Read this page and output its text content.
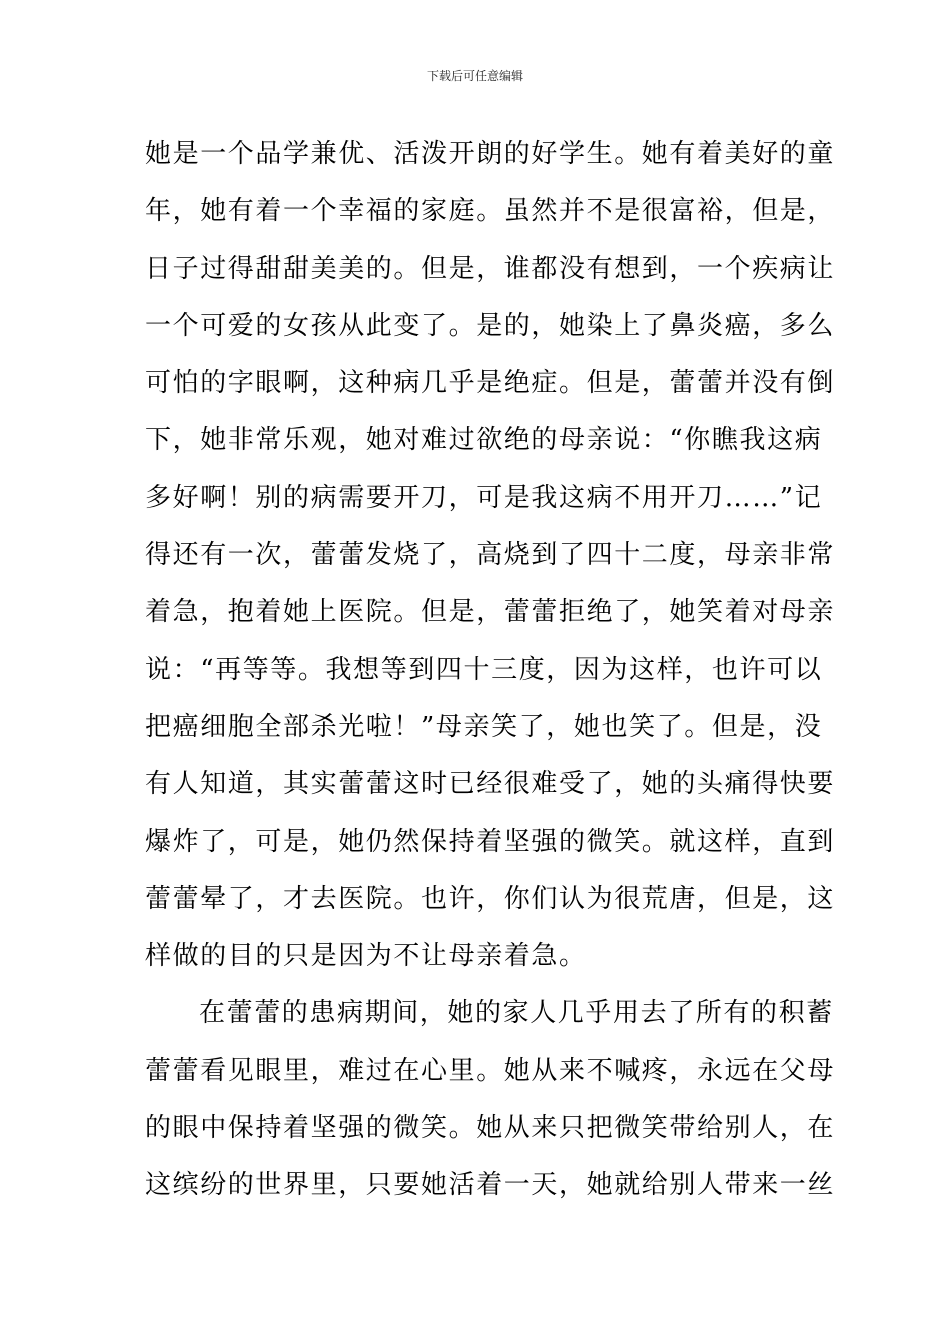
下载后可任意编辑
她是一个品学兼优、活泼开朗的好学生。她有着美好的童
年，她有着一个幸福的家庭。虽然并不是很富裕，但是，
日子过得甜甜美美的。但是，谁都没有想到，一个疾病让
一个可爱的女孩从此变了。是的，她染上了鼻炎癌，多么
可怕的字眼啊，这种病几乎是绝症。但是，蕾蕾并没有倒
下，她非常乐观，她对难过欲绝的母亲说：“你瞧我这病
多好啊！别的病需要开刀，可是我这病不用开刀……”记
得还有一次，蕾蕾发烧了，高烧到了四十二度，母亲非常
着急，抱着她上医院。但是，蕾蕾拒绝了，她笑着对母亲
说：“再等等。我想等到四十三度，因为这样，也许可以
把癌细胞全部杀光啦！”母亲笑了，她也笑了。但是，没
有人知道，其实蕾蕾这时已经很难受了，她的头痛得快要
爆炸了，可是，她仍然保持着坚强的微笑。就这样，直到
蕾蕾晕了，才去医院。也许，你们认为很荒唐，但是，这
样做的目的只是因为不让母亲着急。
在蕾蕾的患病期间，她的家人几乎用去了所有的积蓄
蕾蕾看见眼里，难过在心里。她从来不喊疼，永远在父母
的眼中保持着坚强的微笑。她从来只把微笑带给别人，在
这缤纷的世界里，只要她活着一天，她就给别人带来一丝
